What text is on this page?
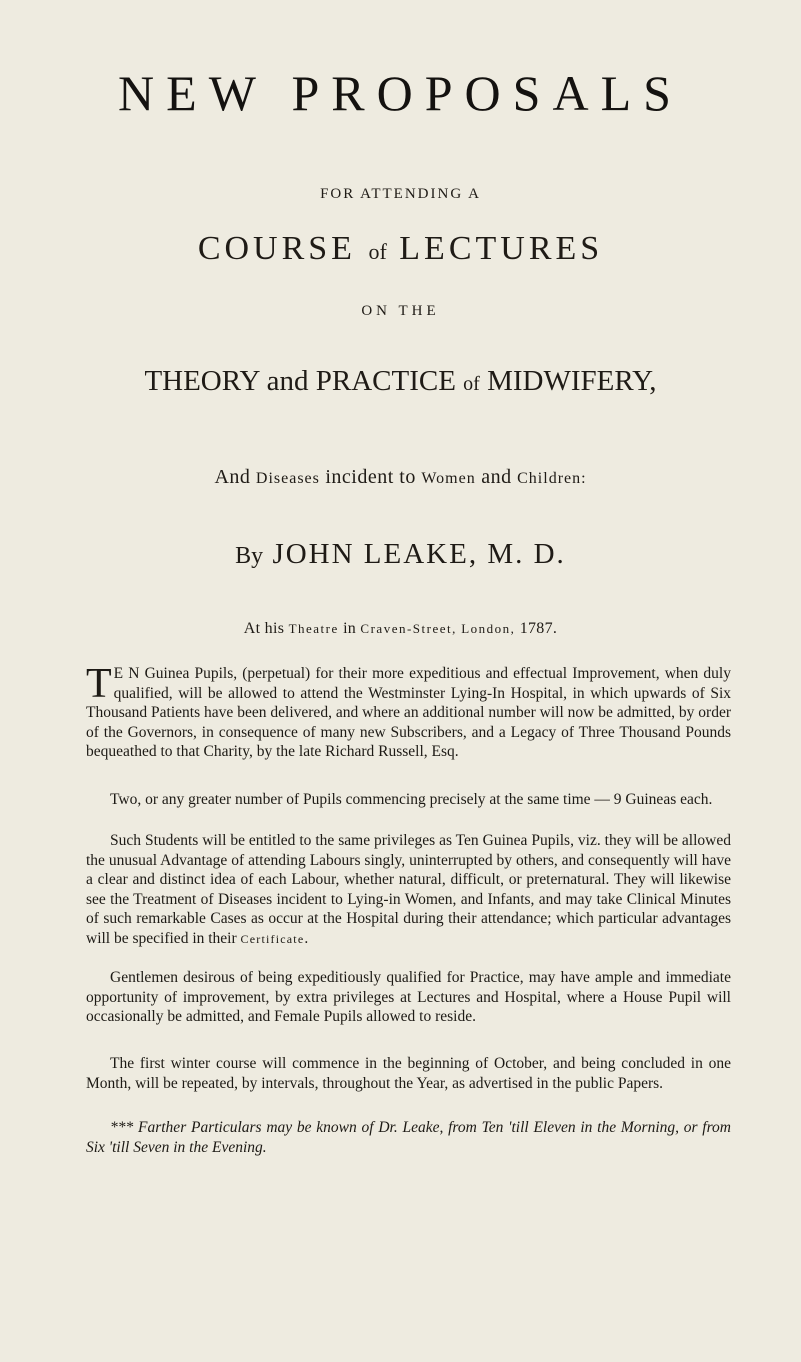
NEW PROPOSALS
FOR ATTENDING A
COURSE of LECTURES
ON THE
THEORY and PRACTICE of MIDWIFERY,
And Diseases incident to Women and Children:
By JOHN LEAKE, M. D.
At his Theatre in Craven-Street, London, 1787.
T E N Guinea Pupils, (perpetual) for their more expeditious and effectual Improvement, when duly qualified, will be allowed to attend the Westminster Lying-In Hospital, in which upwards of Six Thousand Patients have been delivered, and where an additional number will now be admitted, by order of the Governors, in consequence of many new Subscribers, and a Legacy of Three Thousand Pounds bequeathed to that Charity, by the late Richard Russell, Esq.
Two, or any greater number of Pupils commencing precisely at the same time — 9 Guineas each.
Such Students will be entitled to the same privileges as Ten Guinea Pupils, viz. they will be allowed the unusual Advantage of attending Labours singly, uninterrupted by others, and consequently will have a clear and distinct idea of each Labour, whether natural, difficult, or preternatural. They will likewise see the Treatment of Diseases incident to Lying-in Women, and Infants, and may take Clinical Minutes of such remarkable Cases as occur at the Hospital during their attendance; which particular advantages will be specified in their Certificate.
Gentlemen desirous of being expeditiously qualified for Practice, may have ample and immediate opportunity of improvement, by extra privileges at Lectures and Hospital, where a House Pupil will occasionally be admitted, and Female Pupils allowed to reside.
The first winter course will commence in the beginning of October, and being concluded in one Month, will be repeated, by intervals, throughout the Year, as advertised in the public Papers.
*** Farther Particulars may be known of Dr. Leake, from Ten 'till Eleven in the Morning, or from Six 'till Seven in the Evening.
